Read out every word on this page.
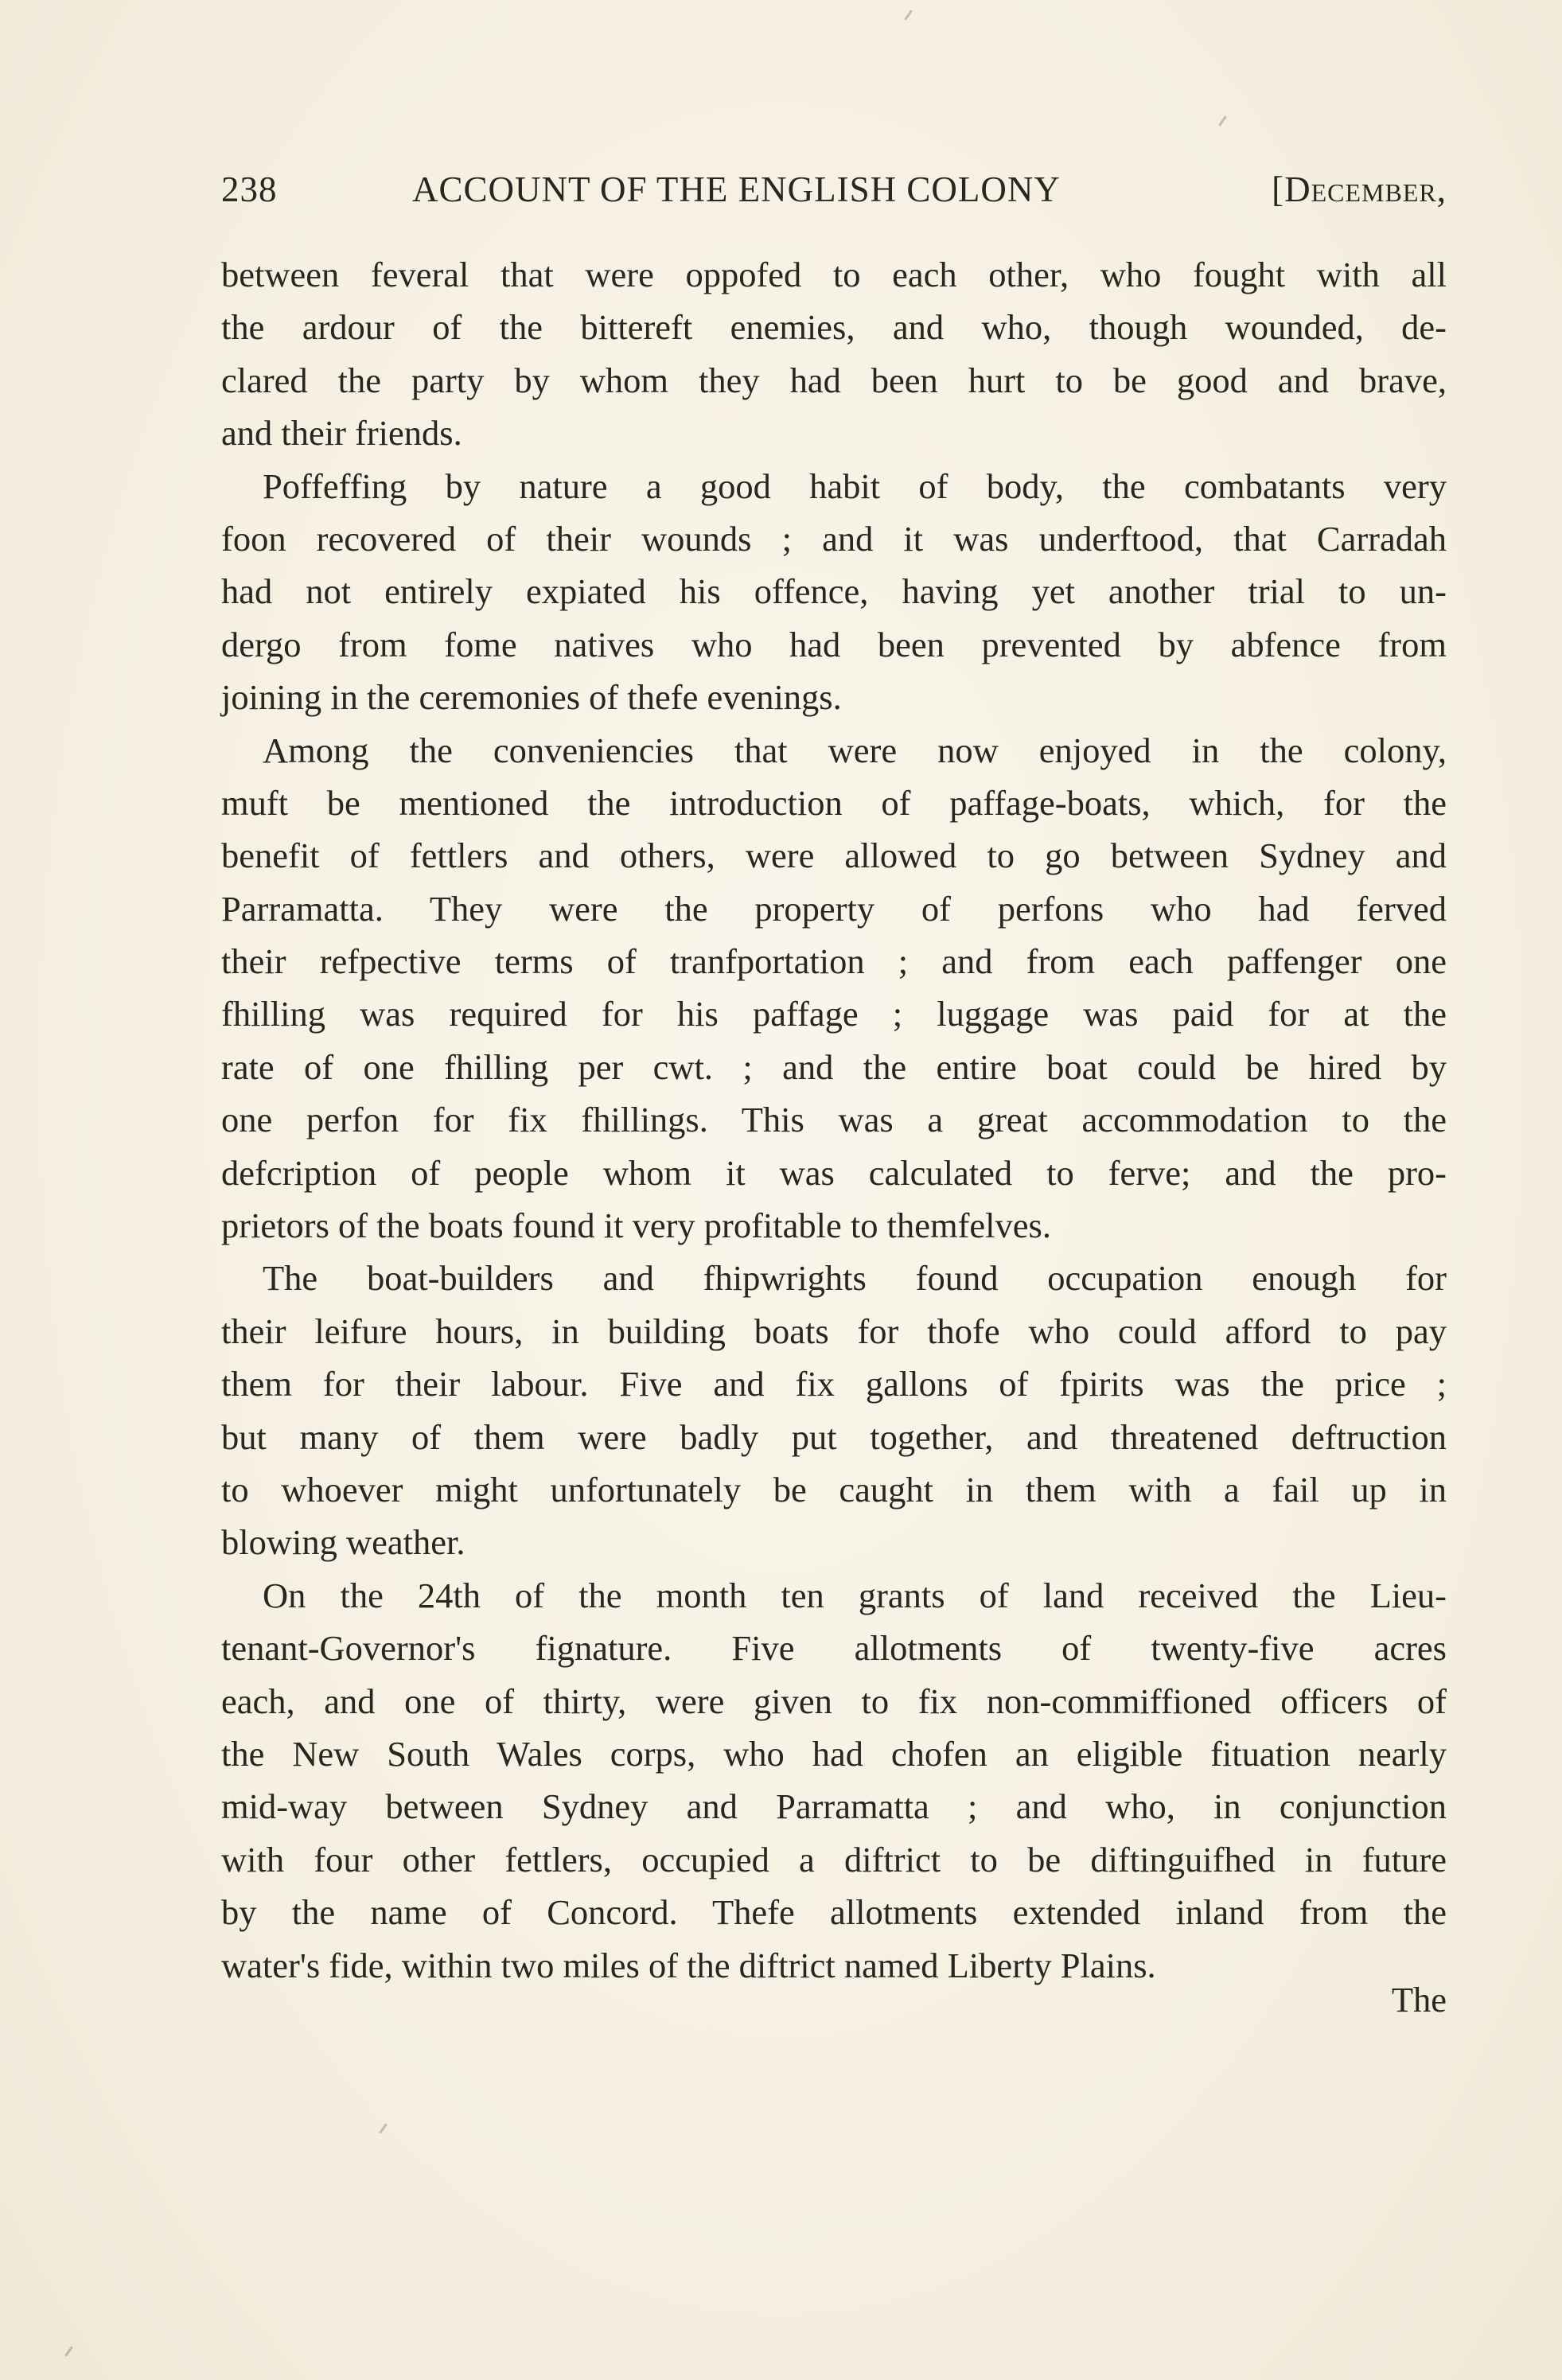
238	ACCOUNT OF THE ENGLISH COLONY	[December,
between feveral that were oppofed to each other, who fought with all
the ardour of the bittereft enemies, and who, though wounded, de-
clared the party by whom they had been hurt to be good and brave,
and their friends.
Poffeffing by nature a good habit of body, the combatants very
foon recovered of their wounds ; and it was underftood, that Carradah
had not entirely expiated his offence, having yet another trial to un-
dergo from fome natives who had been prevented by abfence from
joining in the ceremonies of thefe evenings.
Among the conveniencies that were now enjoyed in the colony,
muft be mentioned the introduction of paffage-boats, which, for the
benefit of fettlers and others, were allowed to go between Sydney and
Parramatta. They were the property of perfons who had ferved
their refpective terms of tranfportation ; and from each paffenger one
fhilling was required for his paffage ; luggage was paid for at the
rate of one fhilling per cwt. ; and the entire boat could be hired by
one perfon for fix fhillings. This was a great accommodation to the
defcription of people whom it was calculated to ferve; and the pro-
prietors of the boats found it very profitable to themfelves.
The boat-builders and fhipwrights found occupation enough for
their leifure hours, in building boats for thofe who could afford to pay
them for their labour. Five and fix gallons of fpirits was the price ;
but many of them were badly put together, and threatened deftruction
to whoever might unfortunately be caught in them with a fail up in
blowing weather.
On the 24th of the month ten grants of land received the Lieu-
tenant-Governor's fignature. Five allotments of twenty-five acres
each, and one of thirty, were given to fix non-commiffioned officers of
the New South Wales corps, who had chofen an eligible fituation nearly
mid-way between Sydney and Parramatta ; and who, in conjunction
with four other fettlers, occupied a diftrict to be diftinguifhed in future
by the name of Concord. Thefe allotments extended inland from the
water's fide, within two miles of the diftrict named Liberty Plains.
The
